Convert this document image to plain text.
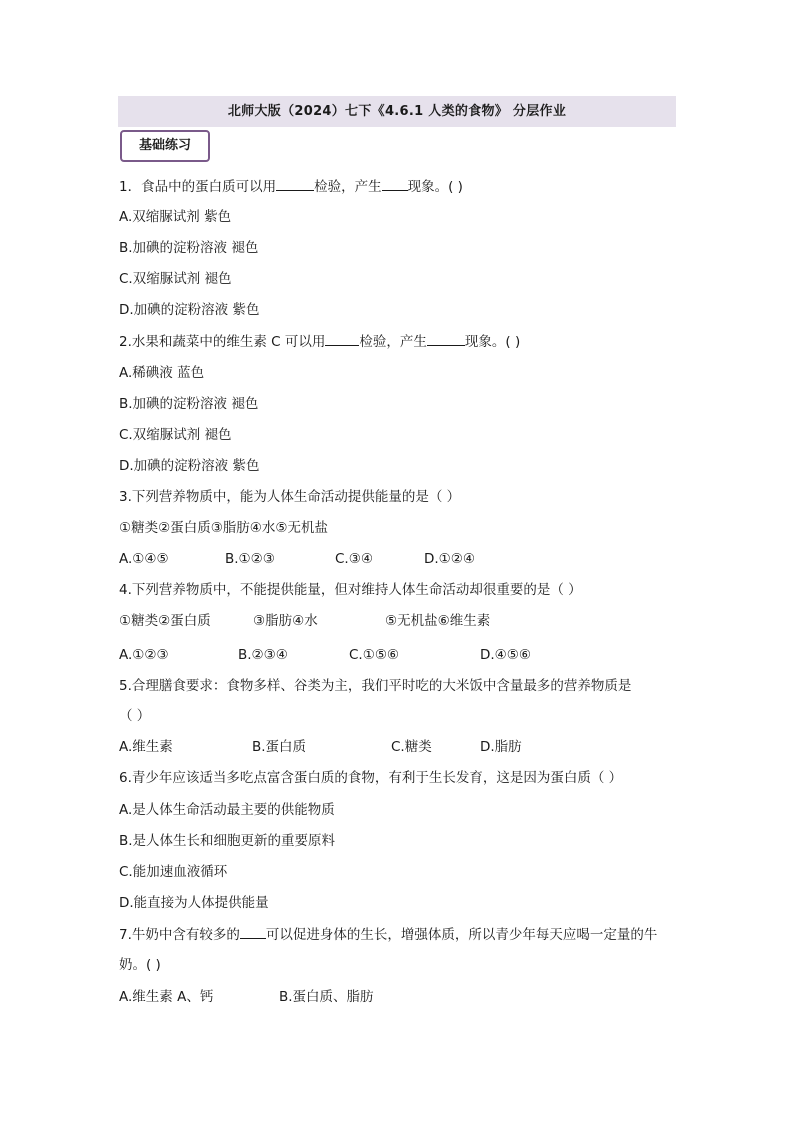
北师大版（2024）七下《4.6.1 人类的食物》 分层作业
基础练习
1．食品中的蛋白质可以用	检验，产生 现象。( )
A.双缩脲试剂 紫色
B.加碘的淀粉溶液 褪色
C.双缩脲试剂 褪色
D.加碘的淀粉溶液 紫色
2.水果和蔬菜中的维生素 C 可以用	检验，产生	现象。( )
A.稀碘液 蓝色
B.加碘的淀粉溶液 褪色
C.双缩脲试剂 褪色
D.加碘的淀粉溶液 紫色
3.下列营养物质中，能为人体生命活动提供能量的是（ ）
①糖类②蛋白质③脂肪④水⑤无机盐
A.①④⑤	B.①②③	C.③④	D.①②④
4.下列营养物质中，不能提供能量，但对维持人体生命活动却很重要的是（ ）
①糖类②蛋白质	③脂肪④水	⑤无机盐⑥维生素
A.①②③	B.②③④	C.①⑤⑥	D.④⑤⑥
5.合理膳食要求：食物多样、谷类为主，我们平时吃的大米饭中含量最多的营养物质是
（ ）
A.维生素	B.蛋白质	C.糖类	D.脂肪
6.青少年应该适当多吃点富含蛋白质的食物，有利于生长发育，这是因为蛋白质（ ）
A.是人体生命活动最主要的供能物质
B.是人体生长和细胞更新的重要原料
C.能加速血液循环
D.能直接为人体提供能量
7.牛奶中含有较多的 可以促进身体的生长，增强体质，所以青少年每天应喝一定量的牛
奶。( )
A.维生素 A、钙	B.蛋白质、脂肪
